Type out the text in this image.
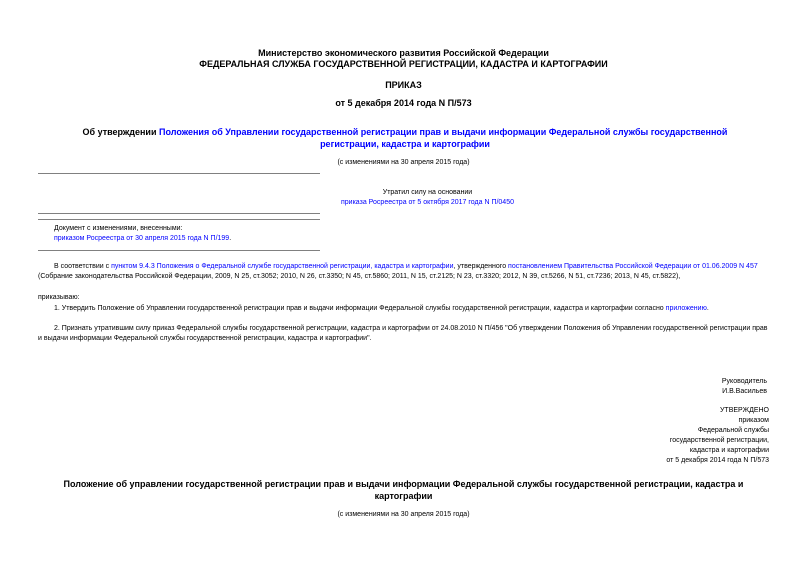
Министерство экономического развития Российской Федерации
ФЕДЕРАЛЬНАЯ СЛУЖБА ГОСУДАРСТВЕННОЙ РЕГИСТРАЦИИ, КАДАСТРА И КАРТОГРАФИИ
ПРИКАЗ
от 5 декабря 2014 года N П/573
Об утверждении Положения об Управлении государственной регистрации прав и выдачи информации Федеральной службы государственной регистрации, кадастра и картографии
(с изменениями на 30 апреля 2015 года)
Утратил силу на основании
приказа Росреестра от 5 октября 2017 года N П/0450
Документ с изменениями, внесенными:
приказом Росреестра от 30 апреля 2015 года N П/199.
В соответствии с пунктом 9.4.3 Положения о Федеральной службе государственной регистрации, кадастра и картографии, утвержденного постановлением Правительства Российской Федерации от 01.06.2009 N 457 (Собрание законодательства Российской Федерации, 2009, N 25, ст.3052; 2010, N 26, ст.3350; N 45, ст.5860; 2011, N 15, ст.2125; N 23, ст.3320; 2012, N 39, ст.5266, N 51, ст.7236; 2013, N 45, ст.5822),
приказываю:
1. Утвердить Положение об Управлении государственной регистрации прав и выдачи информации Федеральной службы государственной регистрации, кадастра и картографии согласно приложению.
2. Признать утратившим силу приказ Федеральной службы государственной регистрации, кадастра и картографии от 24.08.2010 N П/456 "Об утверждении Положения об Управлении государственной регистрации прав и выдачи информации Федеральной службы государственной регистрации, кадастра и картографии".
Руководитель
И.В.Васильев
УТВЕРЖДЕНО
приказом
Федеральной службы
государственной регистрации,
кадастра и картографии
от 5 декабря 2014 года N П/573
Положение об управлении государственной регистрации прав и выдачи информации Федеральной службы государственной регистрации, кадастра и картографии
(с изменениями на 30 апреля 2015 года)
